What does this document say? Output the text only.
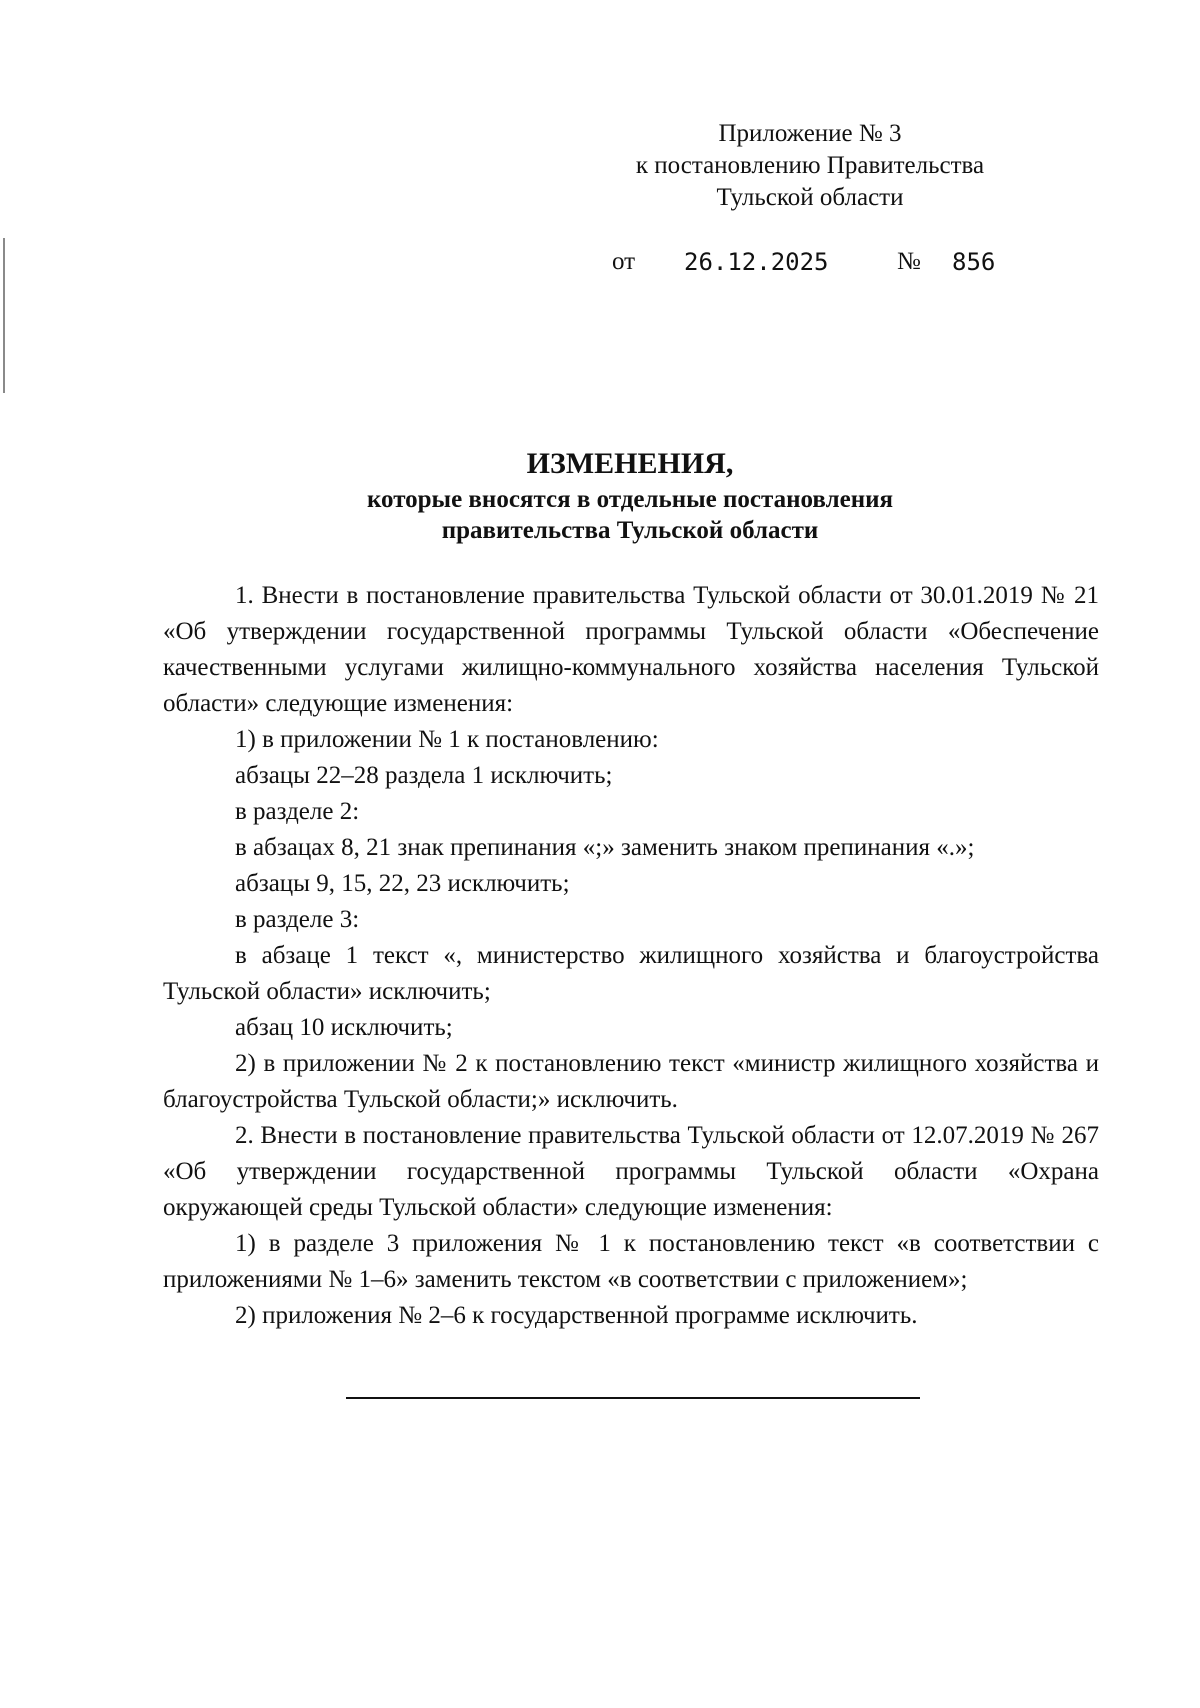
Приложение № 3
к постановлению Правительства
Тульской области
от 26.12.2025	№ 856
ИЗМЕНЕНИЯ,
которые вносятся в отдельные постановления
правительства Тульской области

1. Внести в постановление правительства Тульской области от 30.01.2019 № 21 «Об утверждении государственной программы Тульской области «Обеспечение качественными услугами жилищно-коммунального хозяйства населения Тульской области» следующие изменения:

1) в приложении № 1 к постановлению:

абзацы 22–28 раздела 1 исключить;

в разделе 2:

в абзацах 8, 21 знак препинания «;» заменить знаком препинания «.»;

абзацы 9, 15, 22, 23 исключить;

в разделе 3:

в абзаце 1 текст «, министерство жилищного хозяйства и благоустройства Тульской области» исключить;

абзац 10 исключить;

2) в приложении № 2 к постановлению текст «министр жилищного хозяйства и благоустройства Тульской области;» исключить.

2. Внести в постановление правительства Тульской области от 12.07.2019 № 267 «Об утверждении государственной программы Тульской области «Охрана окружающей среды Тульской области» следующие изменения:

1) в разделе 3 приложения № 1 к постановлению текст «в соответствии с приложениями № 1–6» заменить текстом «в соответствии с приложением»;

2) приложения № 2–6 к государственной программе исключить.
